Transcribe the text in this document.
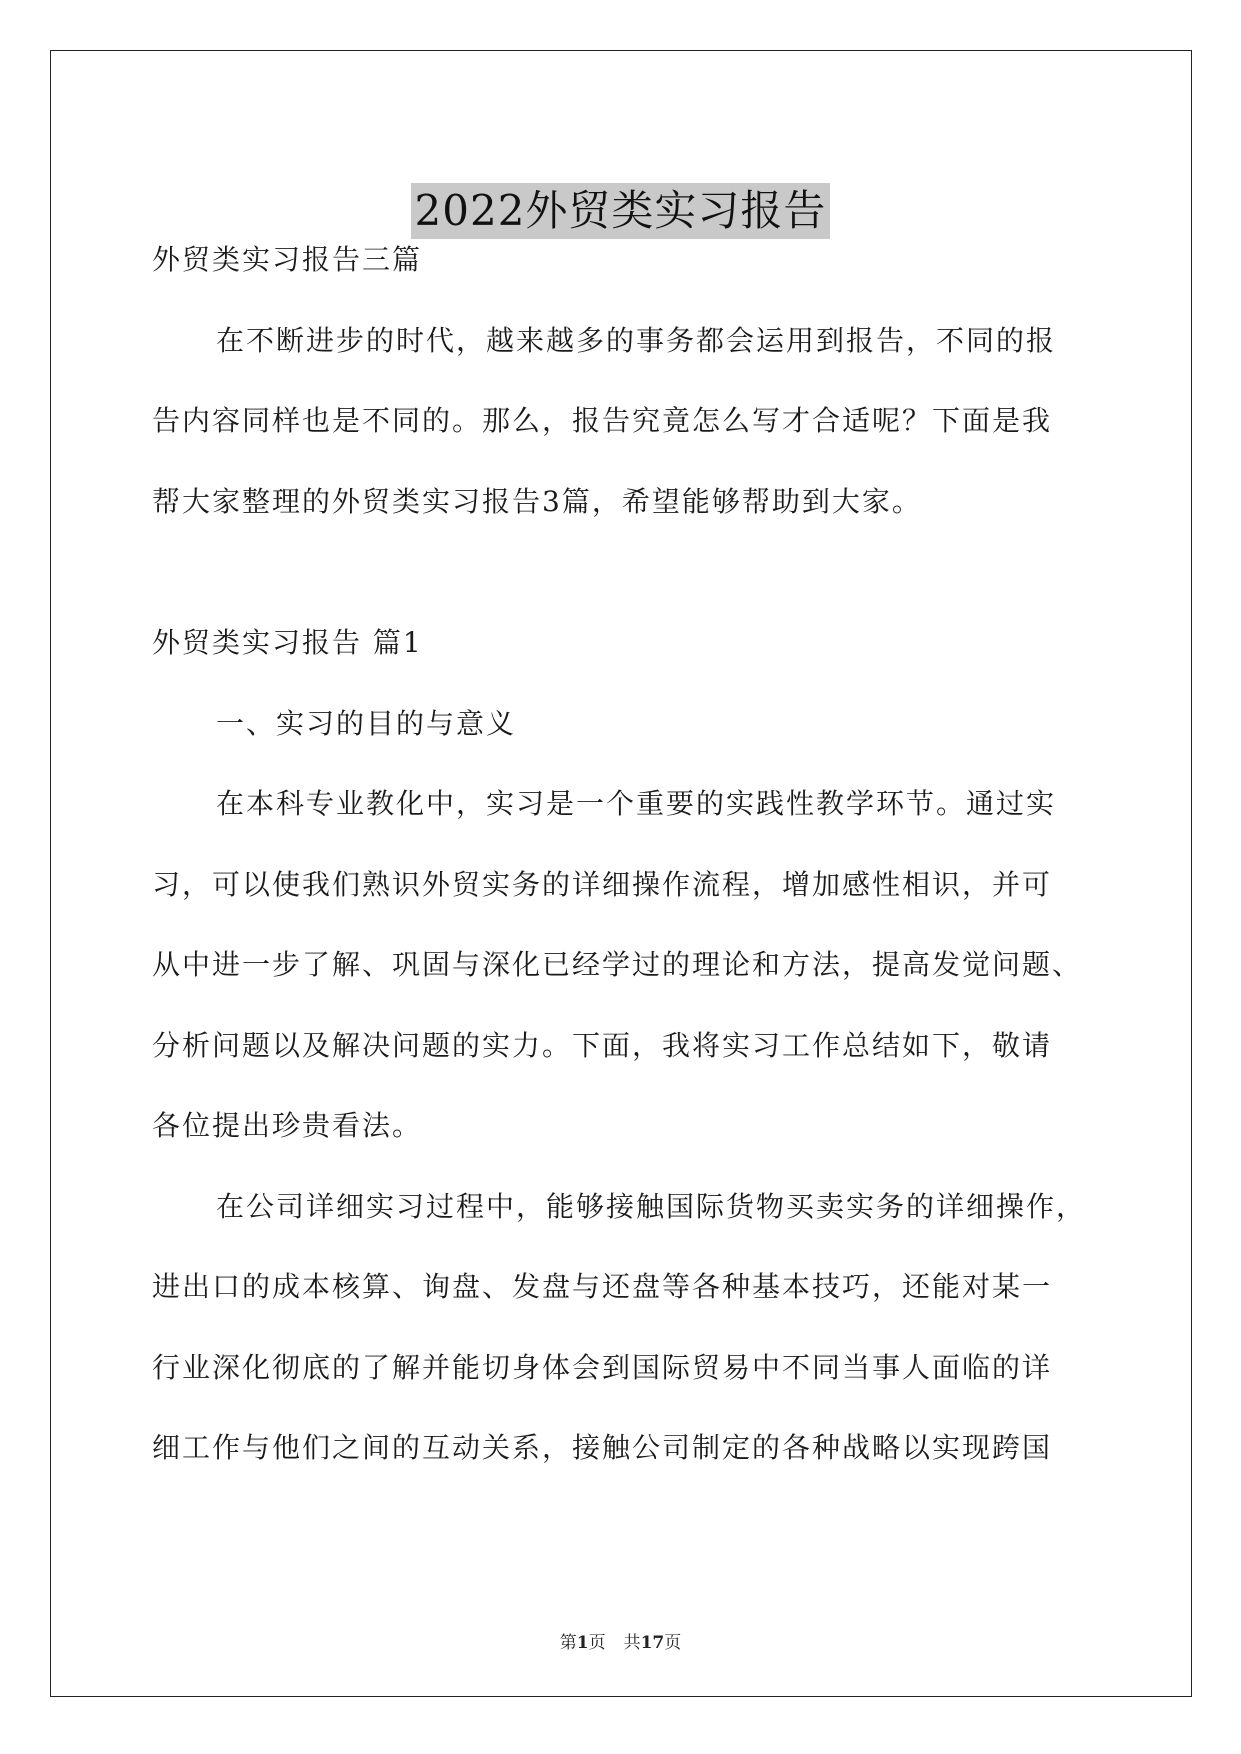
2022外贸类实习报告
外贸类实习报告三篇
在不断进步的时代，越来越多的事务都会运用到报告，不同的报
告内容同样也是不同的。那么，报告究竟怎么写才合适呢？下面是我
帮大家整理的外贸类实习报告3篇，希望能够帮助到大家。
外贸类实习报告 篇1
一、实习的目的与意义
在本科专业教化中，实习是一个重要的实践性教学环节。通过实
习，可以使我们熟识外贸实务的详细操作流程，增加感性相识，并可
从中进一步了解、巩固与深化已经学过的理论和方法，提高发觉问题、
分析问题以及解决问题的实力。下面，我将实习工作总结如下，敬请
各位提出珍贵看法。
在公司详细实习过程中，能够接触国际货物买卖实务的详细操作，
进出口的成本核算、询盘、发盘与还盘等各种基本技巧，还能对某一
行业深化彻底的了解并能切身体会到国际贸易中不同当事人面临的详
细工作与他们之间的互动关系，接触公司制定的各种战略以实现跨国
第1页 共17页
